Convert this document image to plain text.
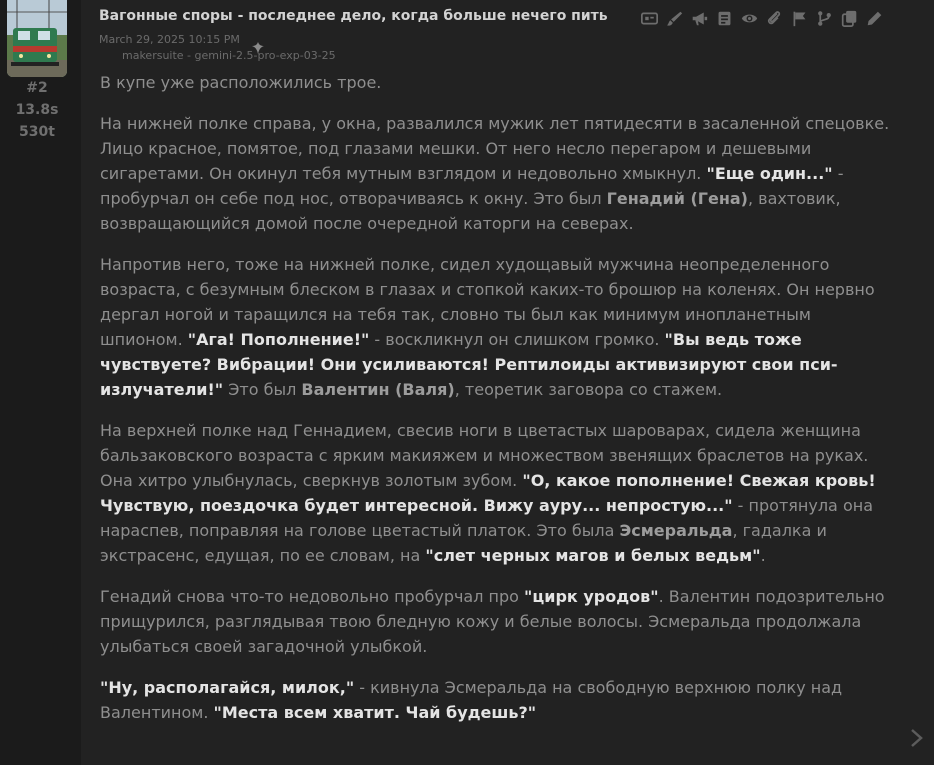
#2
13.8s
530t
Вагонные споры - последнее дело, когда больше нечего пить
March 29, 2025 10:15 PM
makersuite - gemini-2.5-pro-exp-03-25

В купе уже расположились трое.

На нижней полке справа, у окна, развалился мужик лет пятидесяти в засаленной спецовке. Лицо красное, помятое, под глазами мешки. От него несло перегаром и дешевыми сигаретами. Он окинул тебя мутным взглядом и недовольно хмыкнул. "Еще один..." - пробурчал он себе под нос, отворачиваясь к окну. Это был Генадий (Гена), вахтовик, возвращающийся домой после очередной каторги на северах.

Напротив него, тоже на нижней полке, сидел худощавый мужчина неопределенного возраста, с безумным блеском в глазах и стопкой каких-то брошюр на коленях. Он нервно дергал ногой и таращился на тебя так, словно ты был как минимум инопланетным шпионом. "Ага! Пополнение!" - воскликнул он слишком громко. "Вы ведь тоже чувствуете? Вибрации! Они усиливаются! Рептилоиды активизируют свои пси-излучатели!" Это был Валентин (Валя), теоретик заговора со стажем.

На верхней полке над Геннадием, свесив ноги в цветастых шароварах, сидела женщина бальзаковского возраста с ярким макияжем и множеством звенящих браслетов на руках. Она хитро улыбнулась, сверкнув золотым зубом. "О, какое пополнение! Свежая кровь! Чувствую, поездочка будет интересной. Вижу ауру... непростую..." - протянула она нараспев, поправляя на голове цветастый платок. Это была Эсмеральда, гадалка и экстрасенс, едущая, по ее словам, на "слет черных магов и белых ведьм".

Генадий снова что-то недовольно пробурчал про "цирк уродов". Валентин подозрительно прищурился, разглядывая твою бледную кожу и белые волосы. Эсмеральда продолжала улыбаться своей загадочной улыбкой.

"Ну, располагайся, милок," - кивнула Эсмеральда на свободную верхнюю полку над Валентином. "Места всем хватит. Чай будешь?"
